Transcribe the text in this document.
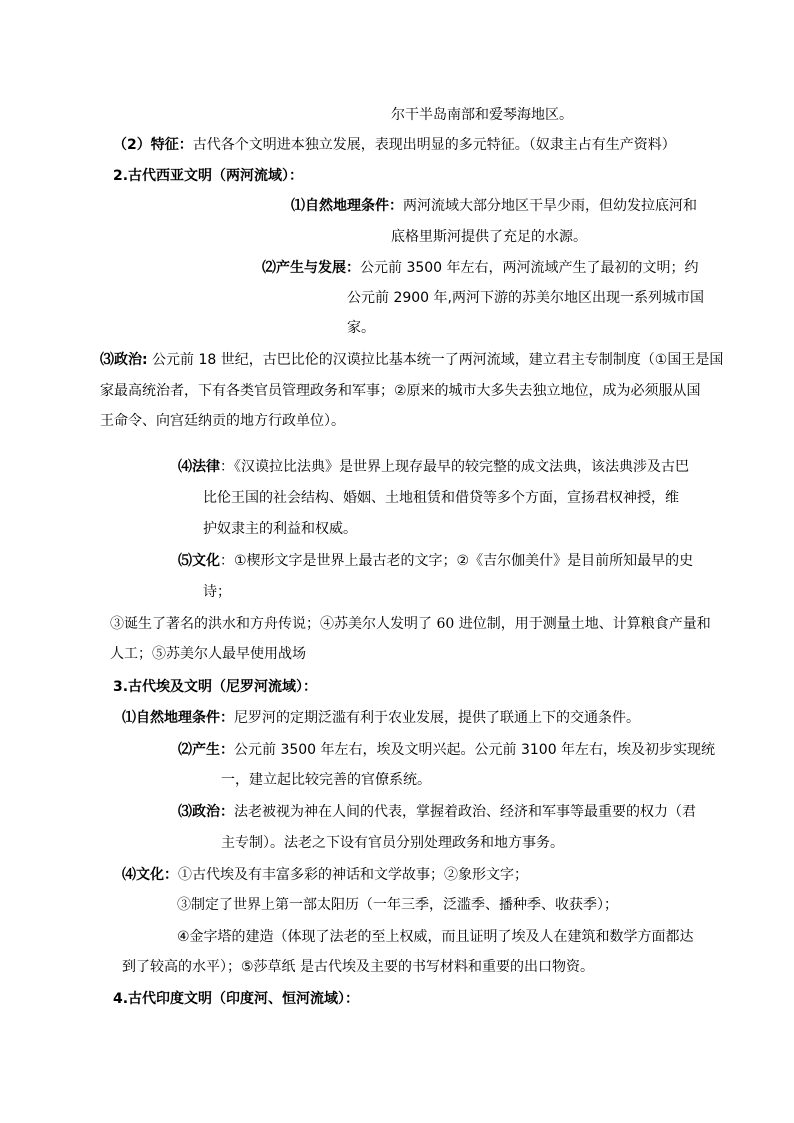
尔干半岛南部和爱琴海地区。
（2）特征：古代各个文明进本独立发展，表现出明显的多元特征。（奴隶主占有生产资料）
2.古代西亚文明（两河流域）：
⑴自然地理条件：两河流域大部分地区干旱少雨，但幼发拉底河和
底格里斯河提供了充足的水源。
⑵产生与发展：公元前 3500 年左右，两河流域产生了最初的文明；约
公元前 2900 年,两河下游的苏美尔地区出现一系列城市国
家。
⑶政治: 公元前 18 世纪，古巴比伦的汉谟拉比基本统一了两河流域，建立君主专制制度（①国王是国
家最高统治者，下有各类官员管理政务和军事；②原来的城市大多失去独立地位，成为必须服从国
王命令、向宫廷纳贡的地方行政单位）。
⑷法律：《汉谟拉比法典》是世界上现存最早的较完整的成文法典，该法典涉及古巴
比伦王国的社会结构、婚姻、土地租赁和借贷等多个方面，宣扬君权神授，维
护奴隶主的利益和权威。
⑸文化：①楔形文字是世界上最古老的文字；②《吉尔伽美什》是目前所知最早的史
诗；
③诞生了著名的洪水和方舟传说；④苏美尔人发明了 60 进位制，用于测量土地、计算粮食产量和
人工；⑤苏美尔人最早使用战场
3.古代埃及文明（尼罗河流域）：
⑴自然地理条件：尼罗河的定期泛滥有利于农业发展，提供了联通上下的交通条件。
⑵产生：公元前 3500 年左右，埃及文明兴起。公元前 3100 年左右，埃及初步实现统
一，建立起比较完善的官僚系统。
⑶政治：法老被视为神在人间的代表，掌握着政治、经济和军事等最重要的权力（君
主专制）。法老之下设有官员分别处理政务和地方事务。
⑷文化：①古代埃及有丰富多彩的神话和文学故事；②象形文字；
③制定了世界上第一部太阳历（一年三季，泛滥季、播种季、收获季）；
④金字塔的建造（体现了法老的至上权威，而且证明了埃及人在建筑和数学方面都达
到了较高的水平）；⑤莎草纸 是古代埃及主要的书写材料和重要的出口物资。
4.古代印度文明（印度河、恒河流域）：
